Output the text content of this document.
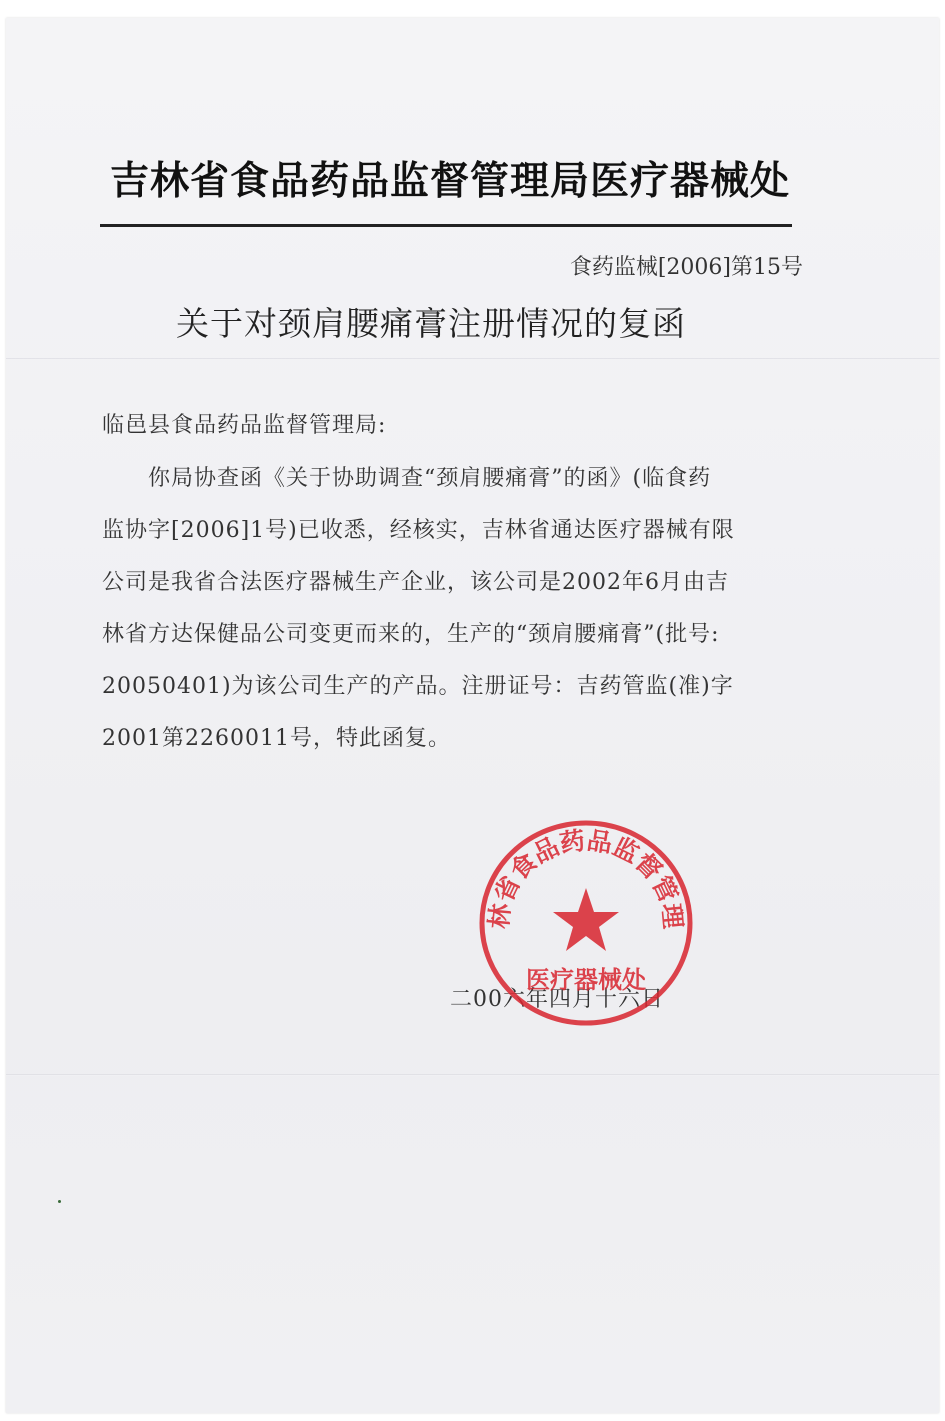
吉林省食品药品监督管理局医疗器械处
食药监械[2006]第15号
关于对颈肩腰痛膏注册情况的复函
临邑县食品药品监督管理局:
你局协查函《关于协助调查“颈肩腰痛膏”的函》(临食药
监协字[2006]1号)已收悉，经核实，吉林省通达医疗器械有限
公司是我省合法医疗器械生产企业，该公司是2002年6月由吉
林省方达保健品公司变更而来的，生产的“颈肩腰痛膏”(批号:
20050401)为该公司生产的产品。注册证号：吉药管监(准)字
2001第2260011号，特此函复。
二00六年四月十六日
林省食品药品监督管理
医疗器械处
